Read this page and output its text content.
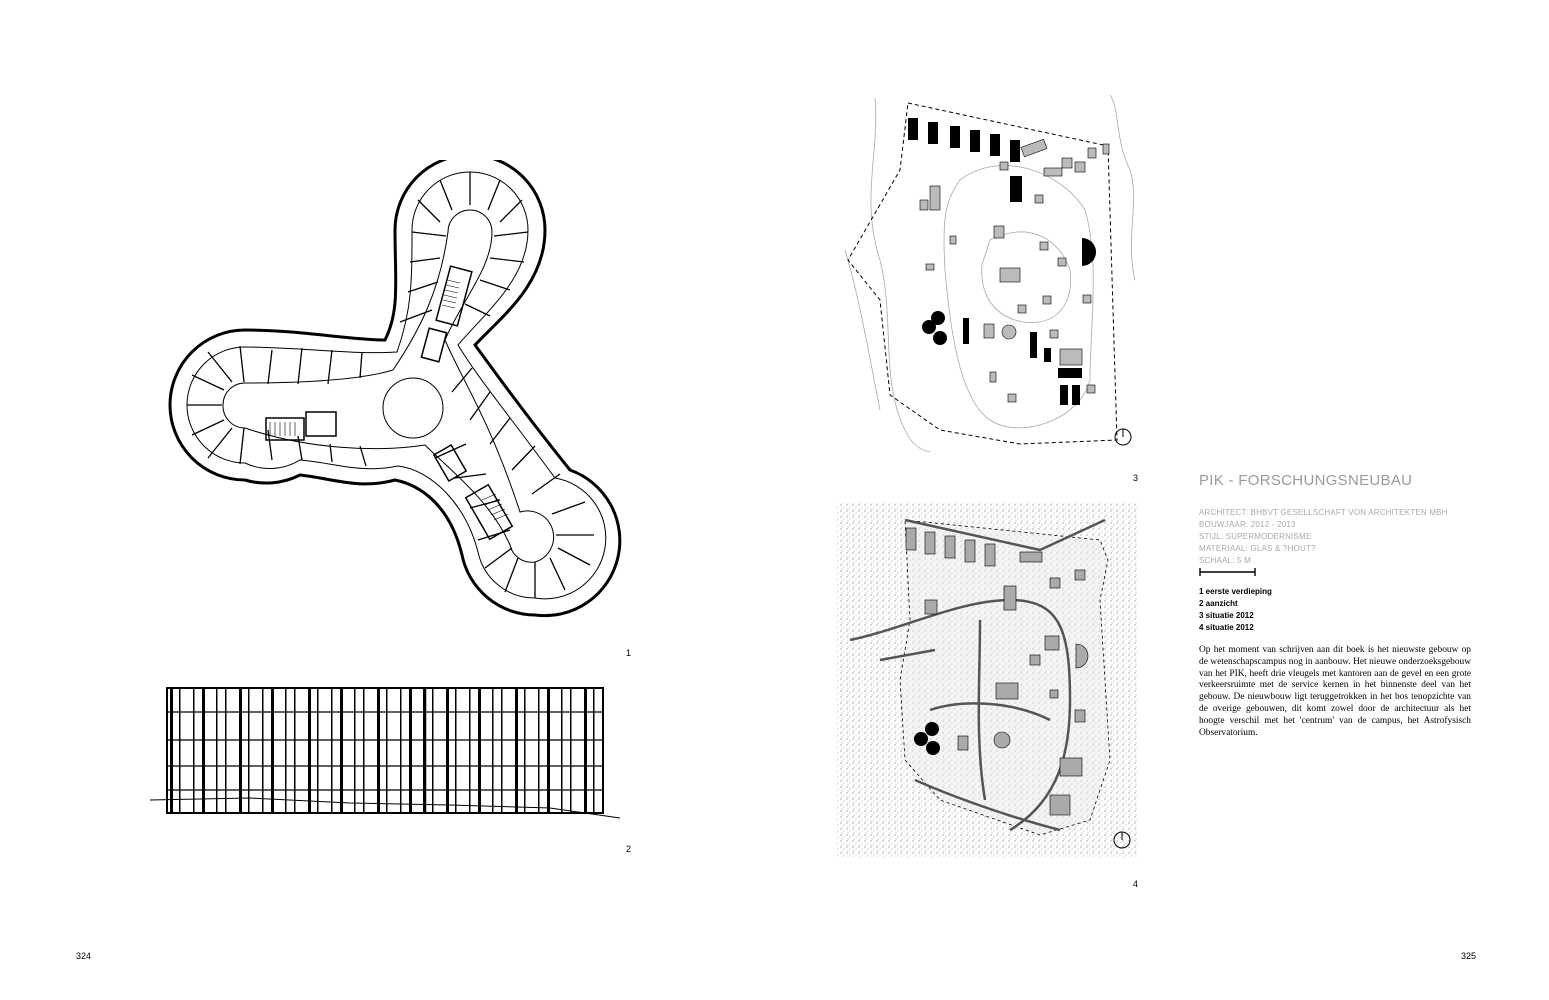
1
2
324
3
4
PIK - FORSCHUNGSNEUBAU
ARCHITECT: BHBVT GESELLSCHAFT VON ARCHITEKTEN MBH
BOUWJAAR: 2012 - 2013
STIJL: SUPERMODERNISME
MATERIAAL: GLAS & ?HOUT?
SCHAAL: 5 M
1 eerste verdieping
2 aanzicht
3 situatie 2012
4 situatie 2012
Op het moment van schrijven aan dit boek is het nieuwste gebouw op de wetenschapscampus nog in aanbouw. Het nieuwe onderzoeksgebouw van het PIK, heeft drie vleugels met kantoren aan de gevel en een grote verkeersruimte met de service kernen in het binnenste deel van het gebouw. De nieuwbouw ligt teruggetrokken in het bos tenopzichte van de overige gebouwen, dit komt zowel door de architectuur als het hoogte verschil met het 'centrum' van de campus, het Astrofysisch Observatorium.
325
